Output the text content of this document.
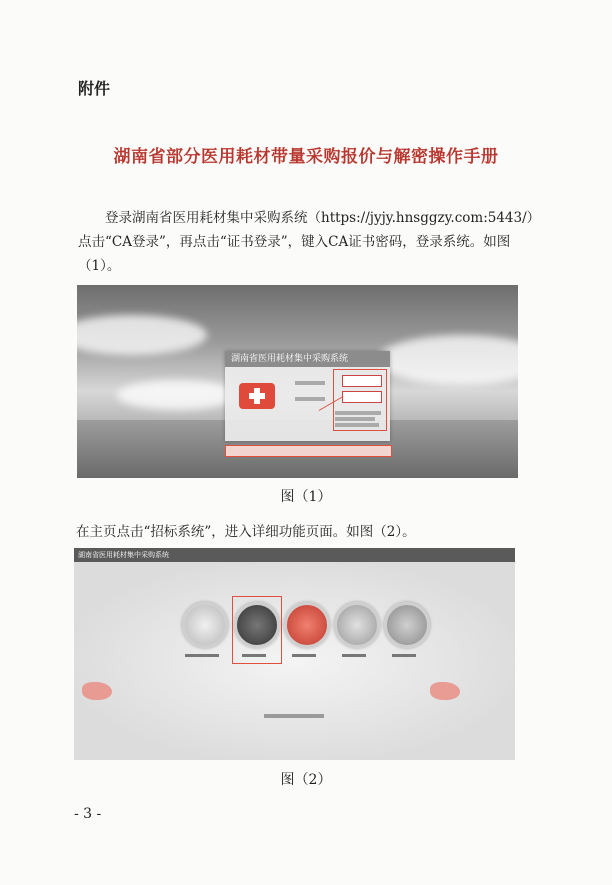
附件
湖南省部分医用耗材带量采购报价与解密操作手册
登录湖南省医用耗材集中采购系统（https://jyjy.hnsggzy.com:5443/）点击“CA登录”，再点击“证书登录”，键入CA证书密码，登录系统。如图（1）。
湖南省医用耗材集中采购系统
图（1）
在主页点击“招标系统”，进入详细功能页面。如图（2）。
湖南省医用耗材集中采购系统
图（2）
- 3 -
